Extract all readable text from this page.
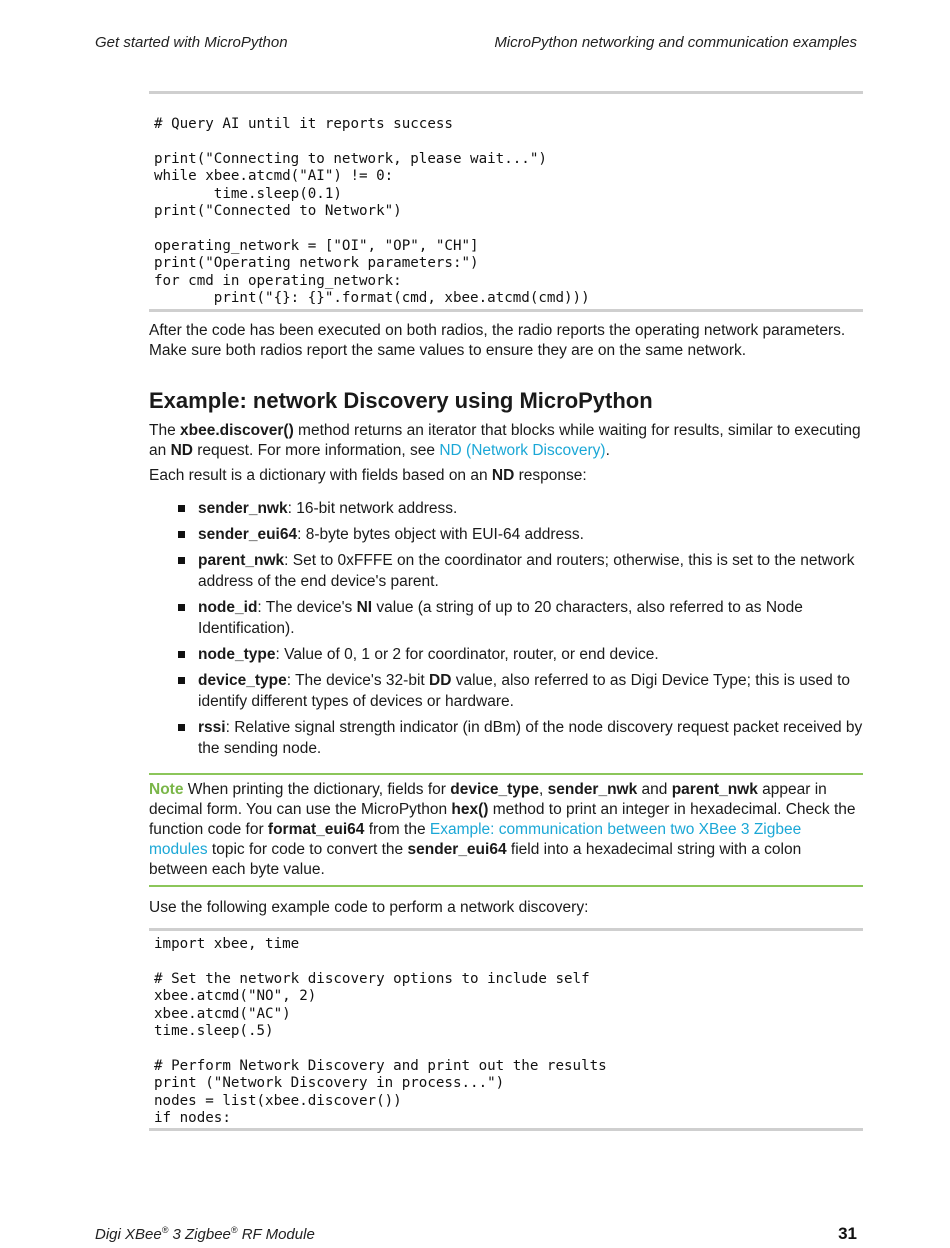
Get started with MicroPython	MicroPython networking and communication examples
# Query AI until it reports success

print("Connecting to network, please wait...")
while xbee.atcmd("AI") != 0:
time.sleep(0.1)
print("Connected to Network")

operating_network = ["OI", "OP", "CH"]
print("Operating network parameters:")
for cmd in operating_network:
print("{}: {}".format(cmd, xbee.atcmd(cmd)))

After the code has been executed on both radios, the radio reports the operating network parameters. Make sure both radios report the same values to ensure they are on the same network.

Example: network Discovery using MicroPython

The xbee.discover() method returns an iterator that blocks while waiting for results, similar to executing an ND request. For more information, see ND (Network Discovery).

Each result is a dictionary with fields based on an ND response:

sender_nwk: 16-bit network address.
sender_eui64: 8-byte bytes object with EUI-64 address.
parent_nwk: Set to 0xFFFE on the coordinator and routers; otherwise, this is set to the network address of the end device's parent.
node_id: The device's NI value (a string of up to 20 characters, also referred to as Node Identification).
node_type: Value of 0, 1 or 2 for coordinator, router, or end device.
device_type: The device's 32-bit DD value, also referred to as Digi Device Type; this is used to identify different types of devices or hardware.
rssi: Relative signal strength indicator (in dBm) of the node discovery request packet received by the sending node.
Note When printing the dictionary, fields for device_type, sender_nwk and parent_nwk appear in decimal form. You can use the MicroPython hex() method to print an integer in hexadecimal. Check the function code for format_eui64 from the Example: communication between two XBee 3 Zigbee modules topic for code to convert the sender_eui64 field into a hexadecimal string with a colon between each byte value.

Use the following example code to perform a network discovery:

import xbee, time

# Set the network discovery options to include self
xbee.atcmd("NO", 2)
xbee.atcmd("AC")
time.sleep(.5)

# Perform Network Discovery and print out the results
print ("Network Discovery in process...")
nodes = list(xbee.discover())
if nodes:
Digi XBee® 3 Zigbee® RF Module	31
